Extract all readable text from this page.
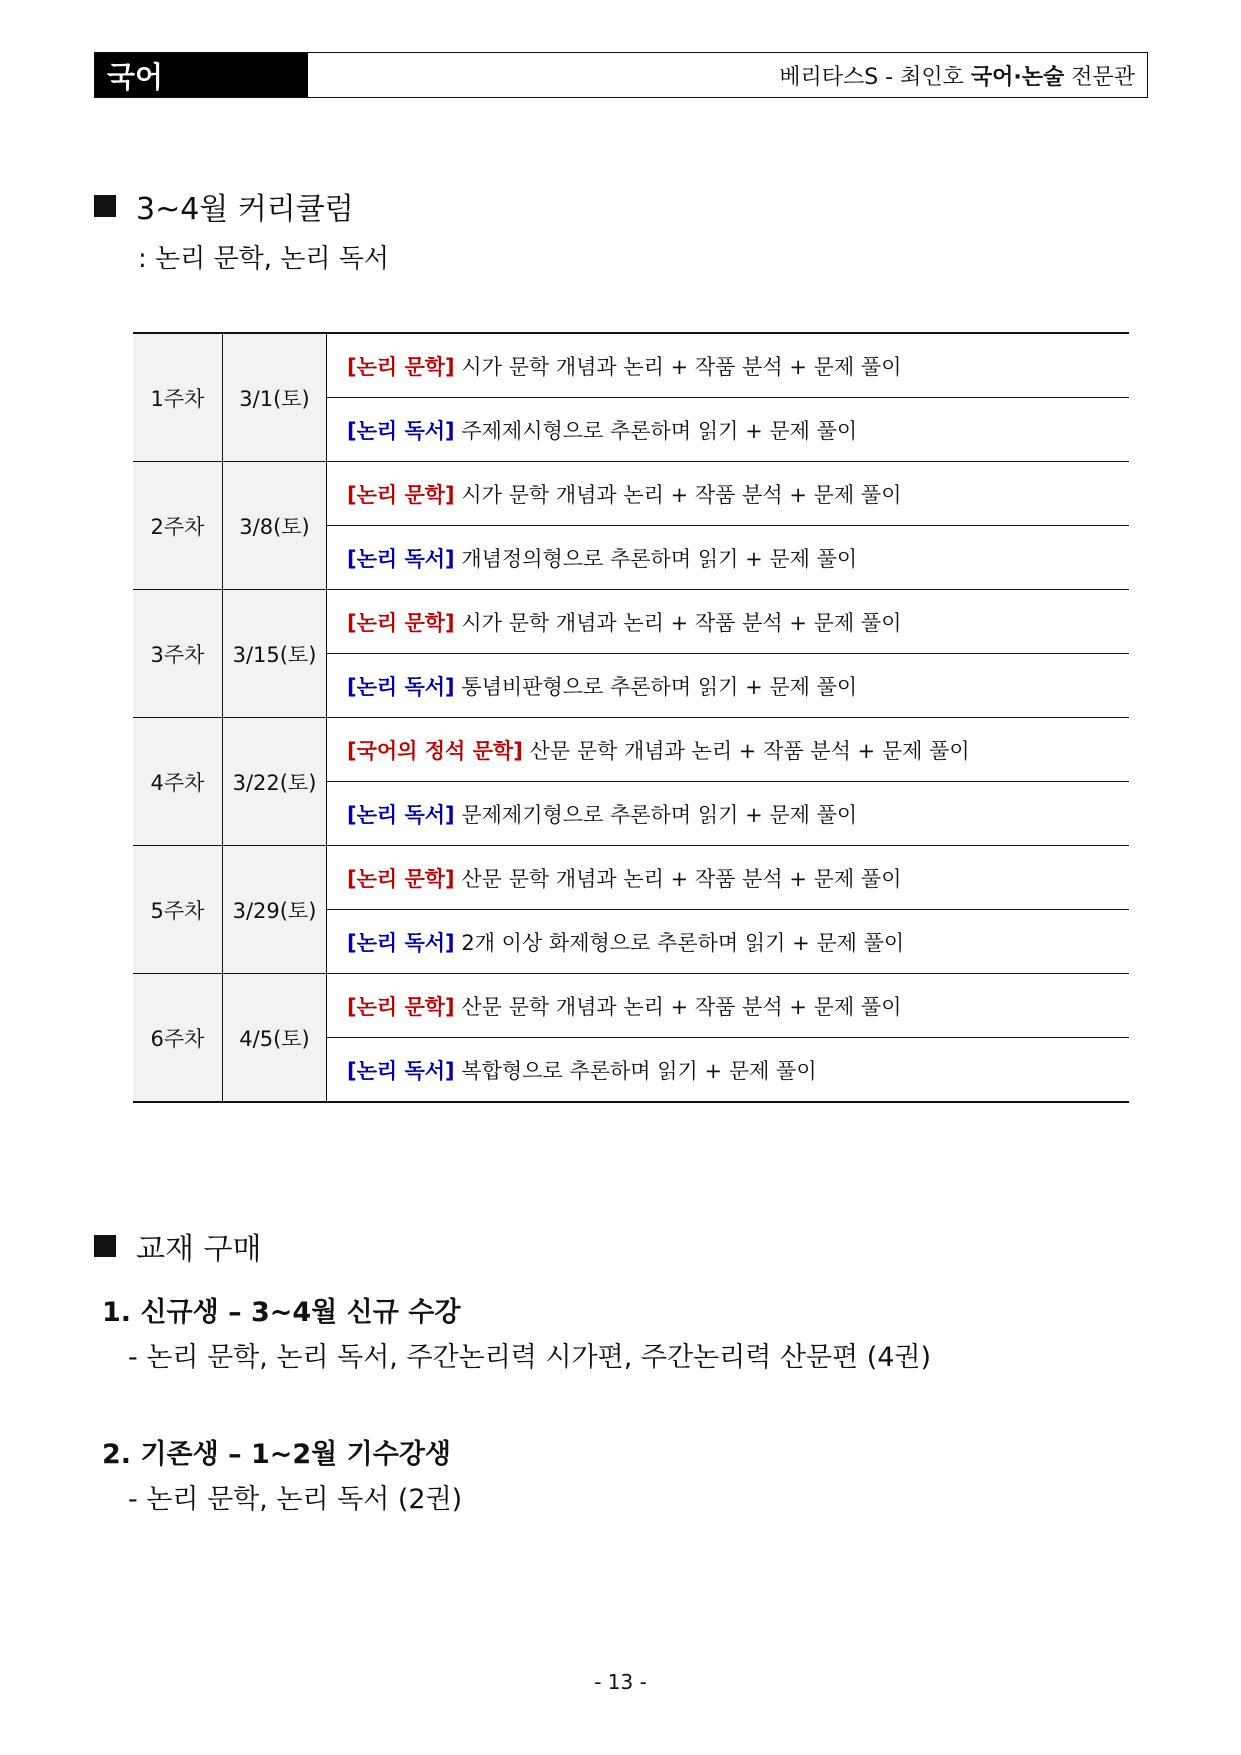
국어	베리타스S - 최인호
국어·논술
전문관
3~4월 커리큘럼
: 논리 문학, 논리 독서
1주차	3/1(토)	[논리 문학] 시가 문학 개념과 논리 + 작품 분석 + 문제 풀이
		[논리 독서] 주제제시형으로 추론하며 읽기 + 문제 풀이
2주차	3/8(토)	[논리 문학] 시가 문학 개념과 논리 + 작품 분석 + 문제 풀이
		[논리 독서] 개념정의형으로 추론하며 읽기 + 문제 풀이
3주차	3/15(토)	[논리 문학] 시가 문학 개념과 논리 + 작품 분석 + 문제 풀이
		[논리 독서] 통념비판형으로 추론하며 읽기 + 문제 풀이
4주차	3/22(토)	[국어의 정석 문학] 산문 문학 개념과 논리 + 작품 분석 + 문제 풀이
		[논리 독서] 문제제기형으로 추론하며 읽기 + 문제 풀이
5주차	3/29(토)	[논리 문학] 산문 문학 개념과 논리 + 작품 분석 + 문제 풀이
		[논리 독서] 2개 이상 화제형으로 추론하며 읽기 + 문제 풀이
6주차	4/5(토)	[논리 문학] 산문 문학 개념과 논리 + 작품 분석 + 문제 풀이
		[논리 독서] 복합형으로 추론하며 읽기 + 문제 풀이
교재 구매
1. 신규생 – 3~4월 신규 수강
- 논리 문학, 논리 독서, 주간논리력 시가편, 주간논리력 산문편 (4권)
2. 기존생 – 1~2월 기수강생
- 논리 문학, 논리 독서 (2권)
- 13 -
